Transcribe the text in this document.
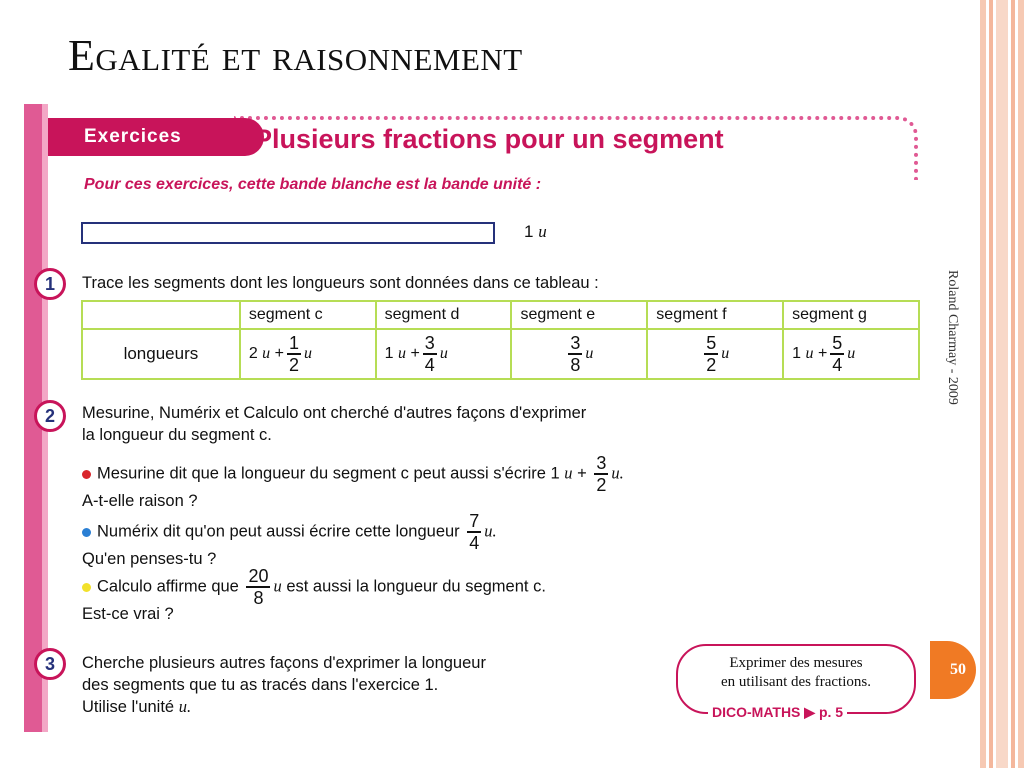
Egalité et raisonnement
Roland Charmay - 2009
Exercices	Plusieurs fractions pour un segment
Pour ces exercices, cette bande blanche est la bande unité :
1 u
1	Trace les segments dont les longueurs sont données dans ce tableau :
	segment c	segment d	segment e	segment f	segment g
longueurs	2 $u + \frac{1}{2}$ u	1 $u + \frac{3}{4}$ u	$\frac{3}{8}$ u	$\frac{5}{2}$ u	1 $u + \frac{5}{4}$ u
2	Mesurine, Numérix et Calculo ont cherché d'autres façons d'exprimer
la longueur du segment c.
Mesurine dit que la longueur du segment c peut aussi s'écrire 1 $u + \frac{3}{2} u$.
A-t-elle raison ?
Numérix dit qu'on peut aussi écrire cette longueur $\frac{7}{4} u$.
Qu'en penses-tu ?
Calculo affirme que $\frac{20}{8}$ u est aussi la longueur du segment c.
Est-ce vrai ?
3	Cherche plusieurs autres façons d'exprimer la longueur
des segments que tu as tracés dans l'exercice 1.
Utilise l'unité u.
Exprimer des mesures
en utilisant des fractions.
DICO-MATHS ▶ p. 5
50
